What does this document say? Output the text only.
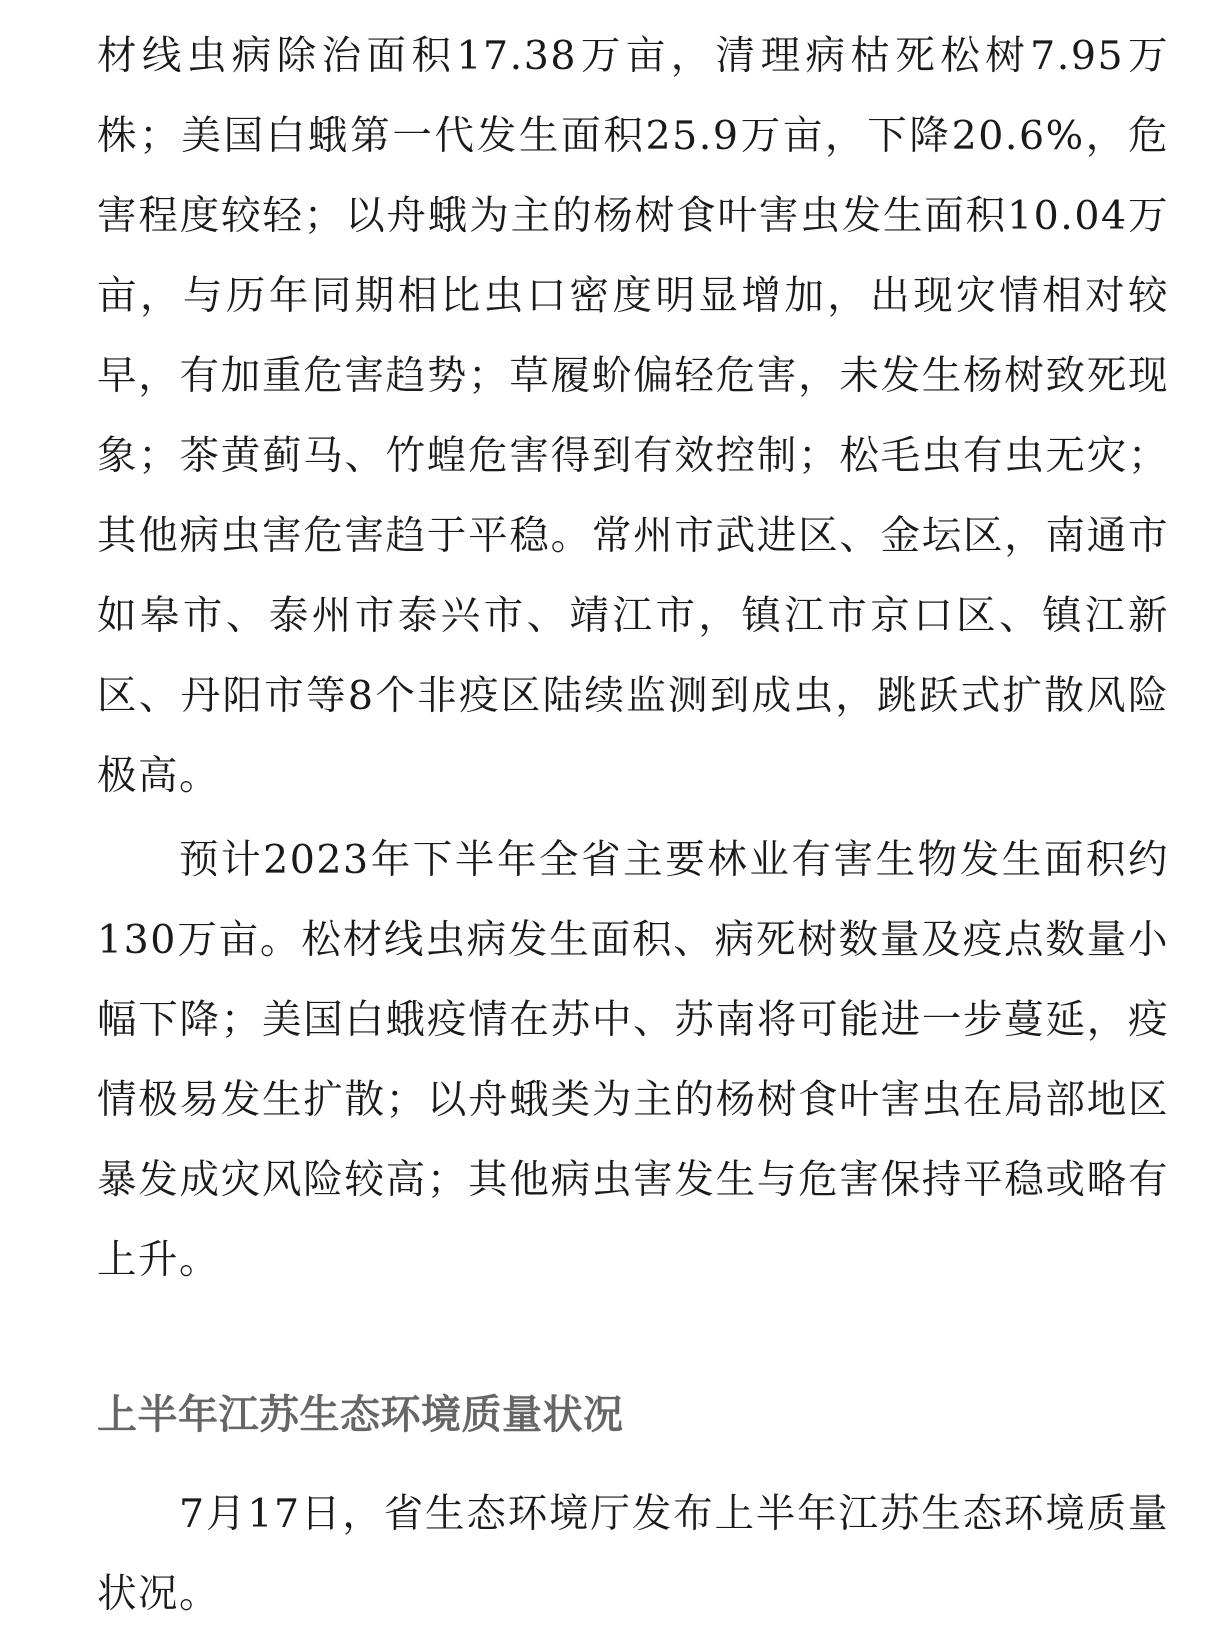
材线虫病除治面积17.38万亩，清理病枯死松树7.95万株；美国白蛾第一代发生面积25.9万亩，下降20.6%，危害程度较轻；以舟蛾为主的杨树食叶害虫发生面积10.04万亩，与历年同期相比虫口密度明显增加，出现灾情相对较早，有加重危害趋势；草履蚧偏轻危害，未发生杨树致死现象；茶黄蓟马、竹蝗危害得到有效控制；松毛虫有虫无灾；其他病虫害危害趋于平稳。常州市武进区、金坛区，南通市如皋市、泰州市泰兴市、靖江市，镇江市京口区、镇江新区、丹阳市等8个非疫区陆续监测到成虫，跳跃式扩散风险极高。

预计2023年下半年全省主要林业有害生物发生面积约130万亩。松材线虫病发生面积、病死树数量及疫点数量小幅下降；美国白蛾疫情在苏中、苏南将可能进一步蔓延，疫情极易发生扩散；以舟蛾类为主的杨树食叶害虫在局部地区暴发成灾风险较高；其他病虫害发生与危害保持平稳或略有上升。

上半年江苏生态环境质量状况

7月17日，省生态环境厅发布上半年江苏生态环境质量状况。
